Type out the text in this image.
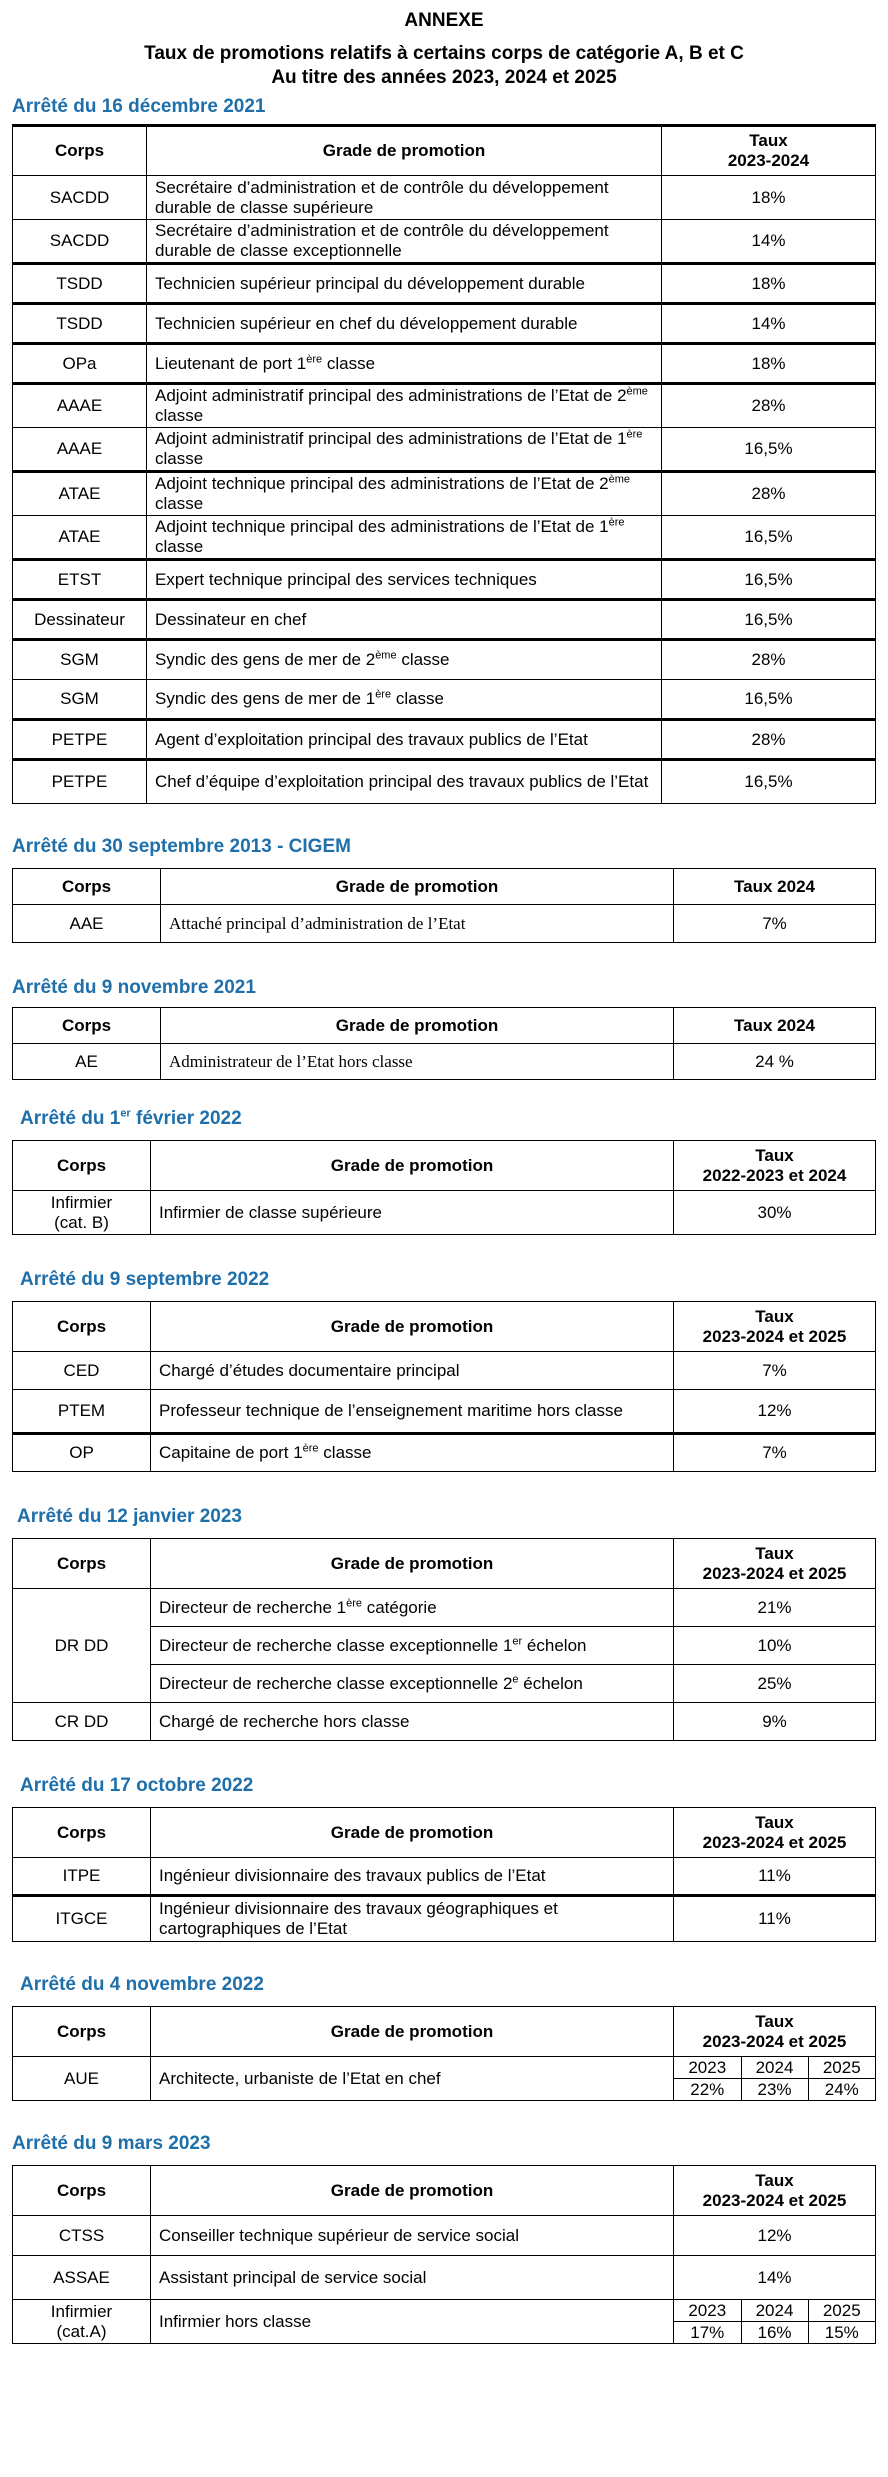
ANNEXE

Taux de promotions relatifs à certains corps de catégorie A, B et C

Au titre des années 2023, 2024 et 2025

Arrêté du 16 décembre 2021

Corps	Grade de promotion	Taux
2023-2024
SACDD	Secrétaire d’administration et de contrôle du développement durable de classe supérieure	18%
SACDD	Secrétaire d’administration et de contrôle du développement durable de classe exceptionnelle	14%
TSDD	Technicien supérieur principal du développement durable	18%
TSDD	Technicien supérieur en chef du développement durable	14%
OPa	Lieutenant de port 1ère classe	18%
AAAE	Adjoint administratif principal des administrations de l’Etat de 2ème classe	28%
AAAE	Adjoint administratif principal des administrations de l’Etat de 1ère classe	16,5%
ATAE	Adjoint technique principal des administrations de l’Etat de 2ème classe	28%
ATAE	Adjoint technique principal des administrations de l’Etat de 1ère classe	16,5%
ETST	Expert technique principal des services techniques	16,5%
Dessinateur	Dessinateur en chef	16,5%
SGM	Syndic des gens de mer de 2ème classe	28%
SGM	Syndic des gens de mer de 1ère classe	16,5%
PETPE	Agent d’exploitation principal des travaux publics de l’Etat	28%
PETPE	Chef d’équipe d’exploitation principal des travaux publics de l’Etat	16,5%

Arrêté du 30 septembre 2013 - CIGEM

Corps	Grade de promotion	Taux 2024
AAE	Attaché principal d’administration de l’Etat	7%

Arrêté du 9 novembre 2021

Corps	Grade de promotion	Taux 2024
AE	Administrateur de l’Etat hors classe	24 %

Arrêté du 1er février 2022

Corps	Grade de promotion	Taux
2022-2023 et 2024
Infirmier
(cat. B)	Infirmier de classe supérieure	30%

Arrêté du 9 septembre 2022

Corps	Grade de promotion	Taux
2023-2024 et 2025
CED	Chargé d’études documentaire principal	7%
PTEM	Professeur technique de l’enseignement maritime hors classe	12%
OP	Capitaine de port 1ère classe	7%

Arrêté du 12 janvier 2023

Corps	Grade de promotion	Taux
2023-2024 et 2025
DR DD	Directeur de recherche 1ère catégorie	21%
	Directeur de recherche classe exceptionnelle 1er échelon	10%
	Directeur de recherche classe exceptionnelle 2e échelon	25%
CR DD	Chargé de recherche hors classe	9%

Arrêté du 17 octobre 2022

Corps	Grade de promotion	Taux
2023-2024 et 2025
ITPE	Ingénieur divisionnaire des travaux publics de l’Etat	11%
ITGCE	Ingénieur divisionnaire des travaux géographiques et cartographiques de l’Etat	11%

Arrêté du 4 novembre 2022

Corps	Grade de promotion	Taux
2023-2024 et 2025
AUE	Architecte, urbaniste de l’Etat en chef	
2023	2024	2025
22%	23%	24%

Arrêté du 9 mars 2023

Corps	Grade de promotion	Taux
2023-2024 et 2025
CTSS	Conseiller technique supérieur de service social	12%
ASSAE	Assistant principal de service social	14%
Infirmier
(cat.A)	Infirmier hors classe	
2023	2024	2025
17%	16%	15%
